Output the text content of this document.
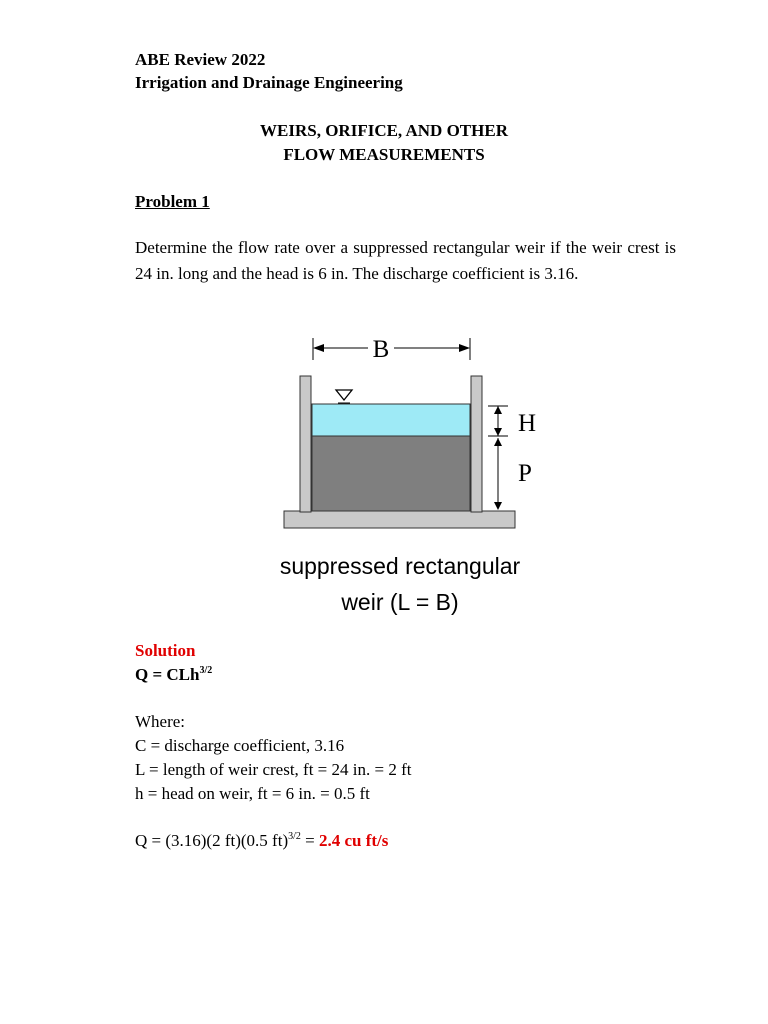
ABE Review 2022
Irrigation and Drainage Engineering
WEIRS, ORIFICE, AND OTHER
FLOW MEASUREMENTS
Problem 1
Determine the flow rate over a suppressed rectangular weir if the weir crest is 24 in. long and the head is 6 in. The discharge coefficient is 3.16.
B
H
P
suppressed rectangular
weir (L = B)
Solution
Q = CLh$^{3/2}$
Where:
C = discharge coefficient, 3.16
L = length of weir crest, ft = 24 in. = 2 ft
h = head on weir, ft = 6 in. = 0.5 ft
Q = (3.16)(2 ft)(0.5 ft)$^{3/2}$ = 2.4 cu ft/s
